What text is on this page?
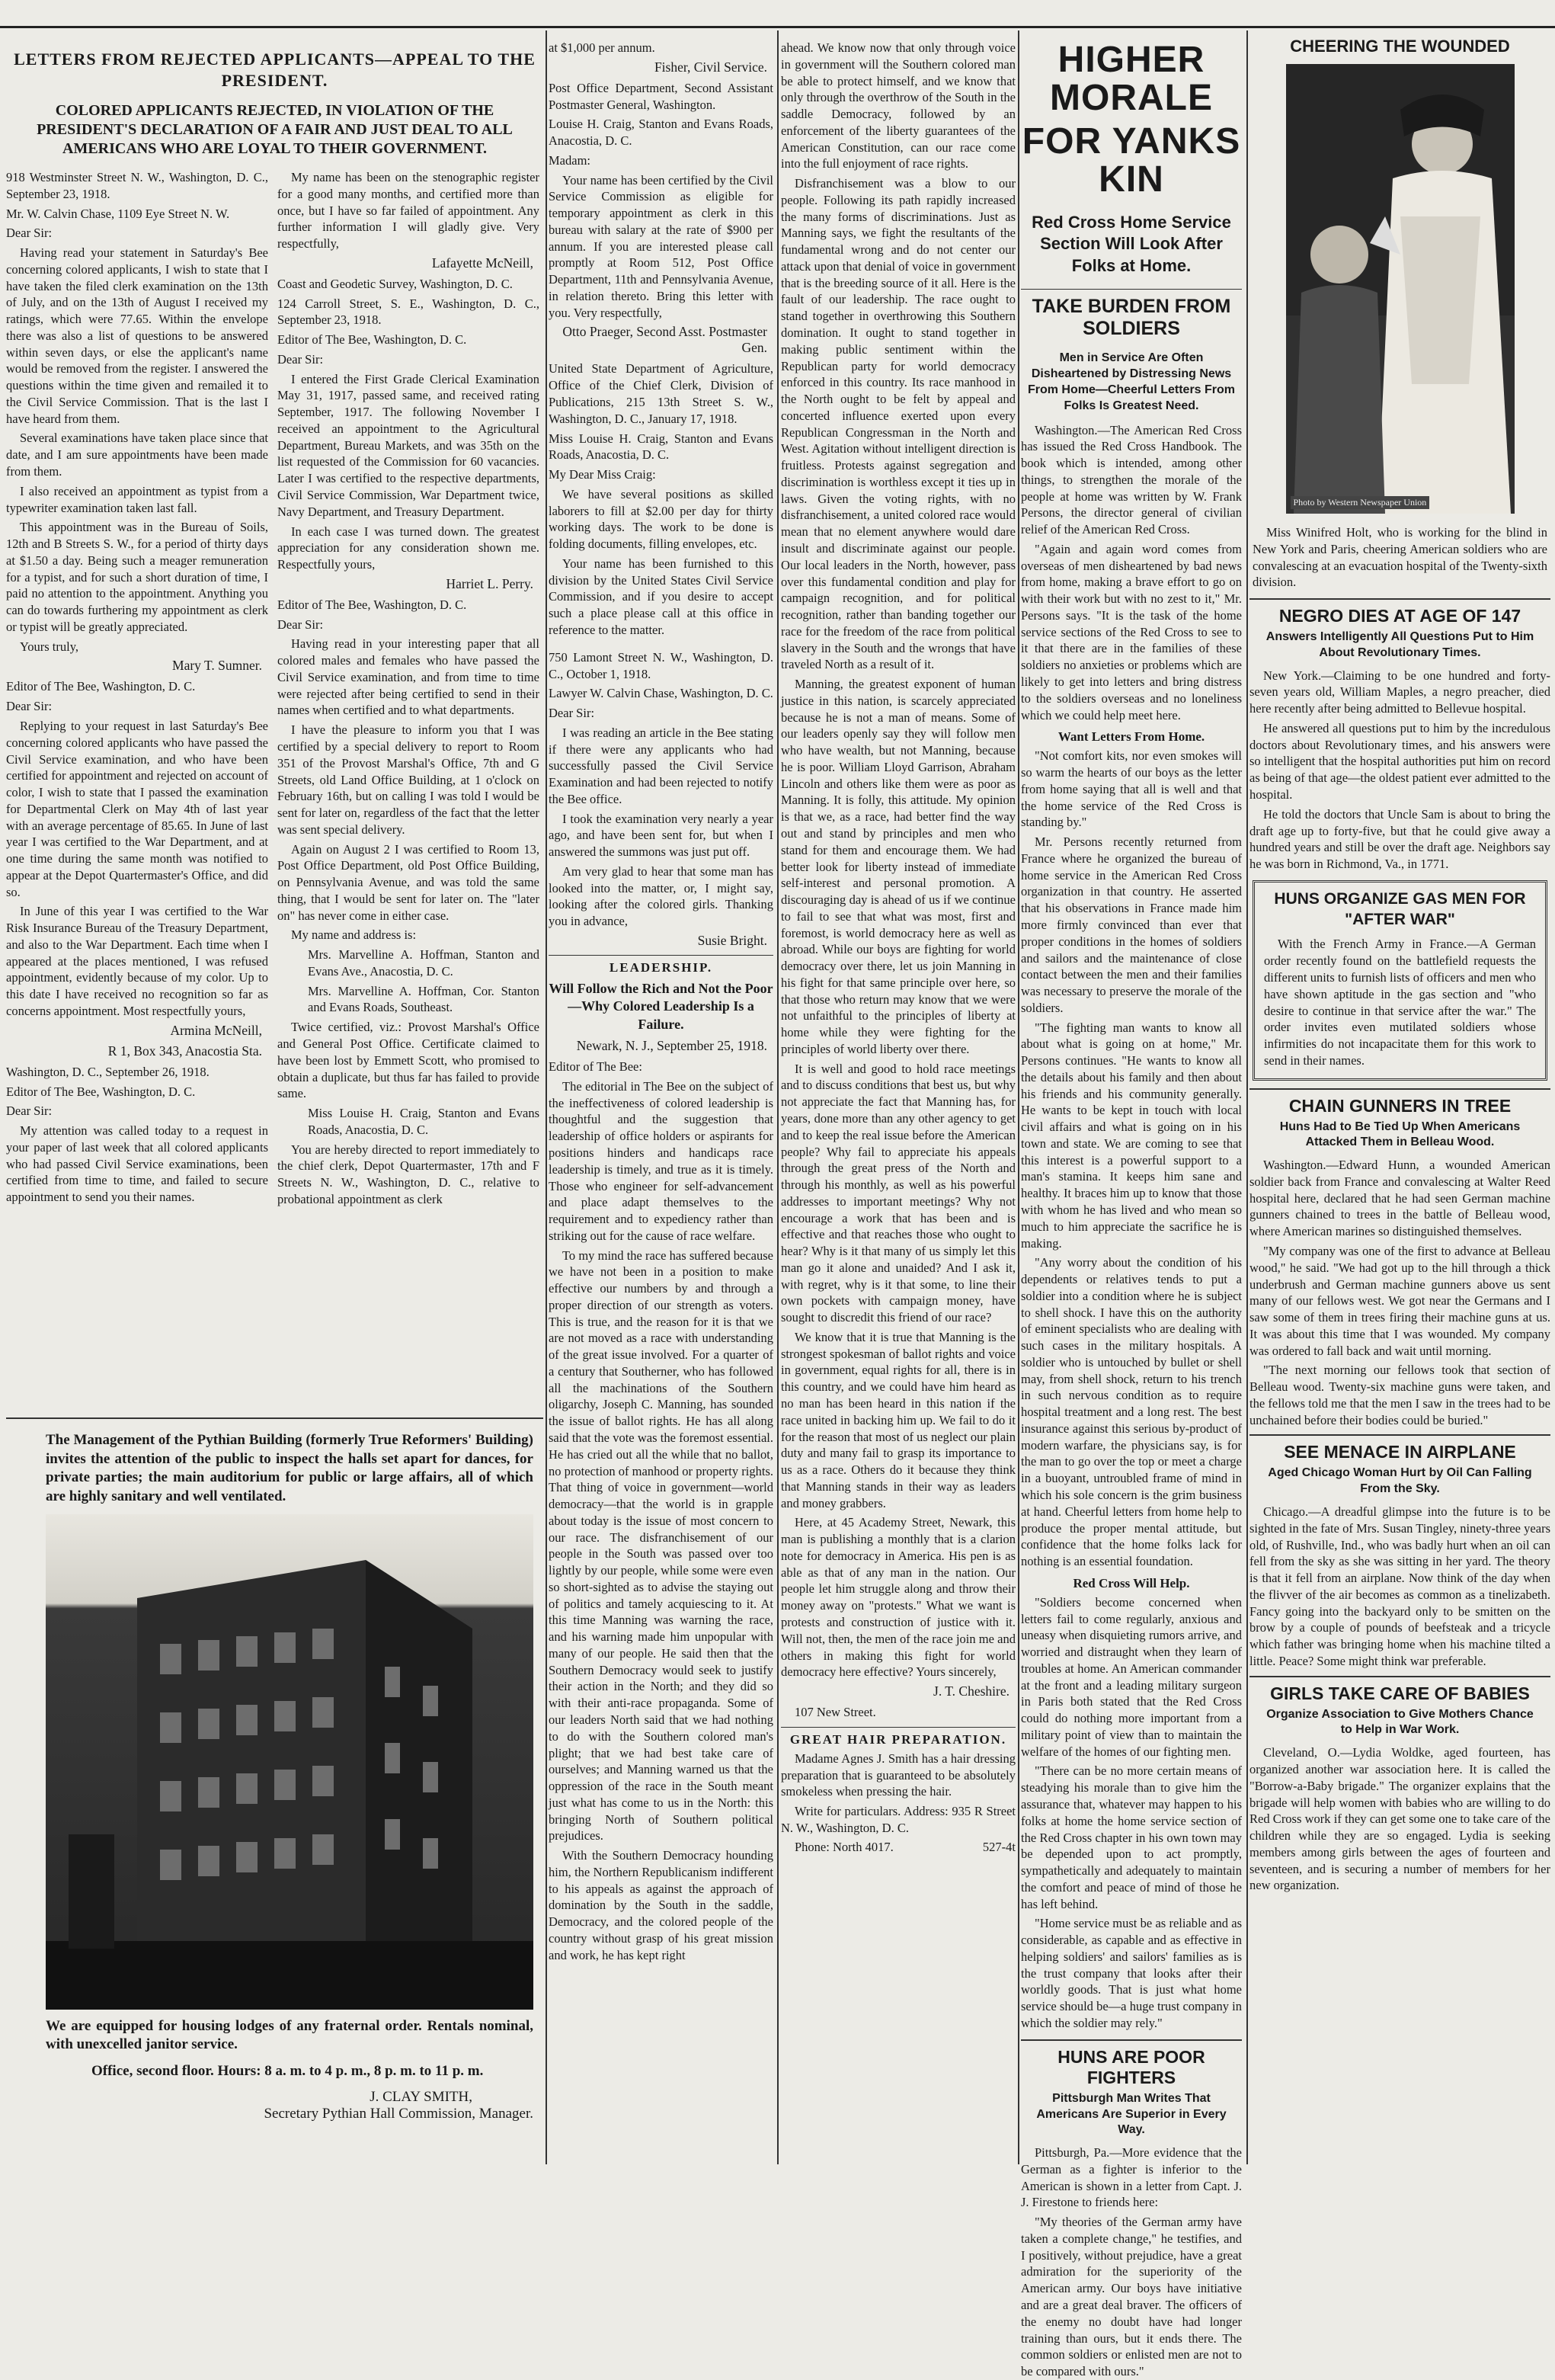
LETTERS FROM REJECTED APPLICANTS—APPEAL TO THE PRESIDENT.
COLORED APPLICANTS REJECTED, IN VIOLATION OF THE PRESIDENT'S DECLARATION OF A FAIR AND JUST DEAL TO ALL AMERICANS WHO ARE LOYAL TO THEIR GOVERNMENT.

918 Westminster Street N. W., Washington, D. C., September 23, 1918.

Mr. W. Calvin Chase, 1109 Eye Street N. W.

Dear Sir:

Having read your statement in Saturday's Bee concerning colored applicants, I wish to state that I have taken the filed clerk examination on the 13th of July, and on the 13th of August I received my ratings, which were 77.65. Within the envelope there was also a list of questions to be answered within seven days, or else the applicant's name would be removed from the register. I answered the questions within the time given and remailed it to the Civil Service Commission. That is the last I have heard from them.

Several examinations have taken place since that date, and I am sure appointments have been made from them.

I also received an appointment as typist from a typewriter examination taken last fall.

This appointment was in the Bureau of Soils, 12th and B Streets S. W., for a period of thirty days at $1.50 a day. Being such a meager remuneration for a typist, and for such a short duration of time, I paid no attention to the appointment. Anything you can do towards furthering my appointment as clerk or typist will be greatly appreciated.

Yours truly,

Mary T. Sumner.

Editor of The Bee, Washington, D. C.

Dear Sir:

Replying to your request in last Saturday's Bee concerning colored applicants who have passed the Civil Service examination, and who have been certified for appointment and rejected on account of color, I wish to state that I passed the examination for Departmental Clerk on May 4th of last year with an average percentage of 85.65. In June of last year I was certified to the War Department, and at one time during the same month was notified to appear at the Depot Quartermaster's Office, and did so.

In June of this year I was certified to the War Risk Insurance Bureau of the Treasury Department, and also to the War Department. Each time when I appeared at the places mentioned, I was refused appointment, evidently because of my color. Up to this date I have received no recognition so far as concerns appointment. Most respectfully yours,

Armina McNeill,
R 1, Box 343, Anacostia Sta.

Washington, D. C., September 26, 1918.

Editor of The Bee, Washington, D. C.

Dear Sir:

My attention was called today to a request in your paper of last week that all colored applicants who had passed Civil Service examinations, been certified from time to time, and failed to secure appointment to send you their names.

My name has been on the stenographic register for a good many months, and certified more than once, but I have so far failed of appointment. Any further information I will gladly give. Very respectfully,

Lafayette McNeill,

Coast and Geodetic Survey, Washington, D. C.

124 Carroll Street, S. E., Washington, D. C., September 23, 1918.

Editor of The Bee, Washington, D. C.

Dear Sir:

I entered the First Grade Clerical Examination May 31, 1917, passed same, and received rating September, 1917. The following November I received an appointment to the Agricultural Department, Bureau Markets, and was 35th on the list requested of the Commission for 60 vacancies. Later I was certified to the respective departments, Civil Service Commission, War Department twice, Navy Department, and Treasury Department.

In each case I was turned down. The greatest appreciation for any consideration shown me. Respectfully yours,

Harriet L. Perry.

Editor of The Bee, Washington, D. C.

Dear Sir:

Having read in your interesting paper that all colored males and females who have passed the Civil Service examination, and from time to time were rejected after being certified to send in their names when certified and to what departments.

I have the pleasure to inform you that I was certified by a special delivery to report to Room 351 of the Provost Marshal's Office, 7th and G Streets, old Land Office Building, at 1 o'clock on February 16th, but on calling I was told I would be sent for later on, regardless of the fact that the letter was sent special delivery.

Again on August 2 I was certified to Room 13, Post Office Department, old Post Office Building, on Pennsylvania Avenue, and was told the same thing, that I would be sent for later on. The "later on" has never come in either case.

My name and address is:

Mrs. Marvelline A. Hoffman, Stanton and Evans Ave., Anacostia, D. C.

Mrs. Marvelline A. Hoffman, Cor. Stanton and Evans Roads, Southeast.

Twice certified, viz.: Provost Marshal's Office and General Post Office. Certificate claimed to have been lost by Emmett Scott, who promised to obtain a duplicate, but thus far has failed to provide same.

Miss Louise H. Craig, Stanton and Evans Roads, Anacostia, D. C.

You are hereby directed to report immediately to the chief clerk, Depot Quartermaster, 17th and F Streets N. W., Washington, D. C., relative to probational appointment as clerk

The Management of the Pythian Building (formerly True Reformers' Building) invites the attention of the public to inspect the halls set apart for dances, for private parties; the main auditorium for public or large affairs, all of which are highly sanitary and well ventilated.

We are equipped for housing lodges of any fraternal order. Rentals nominal, with unexcelled janitor service.

Office, second floor. Hours: 8 a. m. to 4 p. m., 8 p. m. to 11 p. m.

J. CLAY SMITH,
Secretary Pythian Hall Commission, Manager.

at $1,000 per annum.

Fisher, Civil Service.

Post Office Department, Second Assistant Postmaster General, Washington.

Louise H. Craig, Stanton and Evans Roads, Anacostia, D. C.

Madam:

Your name has been certified by the Civil Service Commission as eligible for temporary appointment as clerk in this bureau with salary at the rate of $900 per annum. If you are interested please call promptly at Room 512, Post Office Department, 11th and Pennsylvania Avenue, in relation thereto. Bring this letter with you. Very respectfully,

Otto Praeger, Second Asst. Postmaster Gen.

United State Department of Agriculture, Office of the Chief Clerk, Division of Publications, 215 13th Street S. W., Washington, D. C., January 17, 1918.

Miss Louise H. Craig, Stanton and Evans Roads, Anacostia, D. C.

My Dear Miss Craig:

We have several positions as skilled laborers to fill at $2.00 per day for thirty working days. The work to be done is folding documents, filling envelopes, etc.

Your name has been furnished to this division by the United States Civil Service Commission, and if you desire to accept such a place please call at this office in reference to the matter.

750 Lamont Street N. W., Washington, D. C., October 1, 1918.

Lawyer W. Calvin Chase, Washington, D. C.

Dear Sir:

I was reading an article in the Bee stating if there were any applicants who had successfully passed the Civil Service Examination and had been rejected to notify the Bee office.

I took the examination very nearly a year ago, and have been sent for, but when I answered the summons was just put off.

Am very glad to hear that some man has looked into the matter, or, I might say, looking after the colored girls. Thanking you in advance,

Susie Bright.
LEADERSHIP.
Will Follow the Rich and Not the Poor—Why Colored Leadership Is a Failure.
Newark, N. J., September 25, 1918.

Editor of The Bee:

The editorial in The Bee on the subject of the ineffectiveness of colored leadership is thoughtful and the suggestion that leadership of office holders or aspirants for positions hinders and handicaps race leadership is timely, and true as it is timely. Those who engineer for self-advancement and place adapt themselves to the requirement and to expediency rather than striking out for the cause of race welfare.

To my mind the race has suffered because we have not been in a position to make effective our numbers by and through a proper direction of our strength as voters. This is true, and the reason for it is that we are not moved as a race with understanding of the great issue involved. For a quarter of a century that Southerner, who has followed all the machinations of the Southern oligarchy, Joseph C. Manning, has sounded the issue of ballot rights. He has all along said that the vote was the foremost essential. He has cried out all the while that no ballot, no protection of manhood or property rights. That thing of voice in government—world democracy—that the world is in grapple about today is the issue of most concern to our race. The disfranchisement of our people in the South was passed over too lightly by our people, while some were even so short-sighted as to advise the staying out of politics and tamely acquiescing to it. At this time Manning was warning the race, and his warning made him unpopular with many of our people. He said then that the Southern Democracy would seek to justify their action in the North; and they did so with their anti-race propaganda. Some of our leaders North said that we had nothing to do with the Southern colored man's plight; that we had best take care of ourselves; and Manning warned us that the oppression of the race in the South meant just what has come to us in the North: this bringing North of Southern political prejudices.

With the Southern Democracy hounding him, the Northern Republicanism indifferent to his appeals as against the approach of domination by the South in the saddle, Democracy, and the colored people of the country without grasp of his great mission and work, he has kept right

ahead. We know now that only through voice in government will the Southern colored man be able to protect himself, and we know that only through the overthrow of the South in the saddle Democracy, followed by an enforcement of the liberty guarantees of the American Constitution, can our race come into the full enjoyment of race rights.

Disfranchisement was a blow to our people. Following its path rapidly increased the many forms of discriminations. Just as Manning says, we fight the resultants of the fundamental wrong and do not center our attack upon that denial of voice in government that is the breeding source of it all. Here is the fault of our leadership. The race ought to stand together in overthrowing this Southern domination. It ought to stand together in making public sentiment within the Republican party for world democracy enforced in this country. Its race manhood in the North ought to be felt by appeal and concerted influence exerted upon every Republican Congressman in the North and West. Agitation without intelligent direction is fruitless. Protests against segregation and discrimination is worthless except it ties up in laws. Given the voting rights, with no disfranchisement, a united colored race would mean that no element anywhere would dare insult and discriminate against our people. Our local leaders in the North, however, pass over this fundamental condition and play for campaign recognition, and for political recognition, rather than banding together our race for the freedom of the race from political slavery in the South and the wrongs that have traveled North as a result of it.

Manning, the greatest exponent of human justice in this nation, is scarcely appreciated because he is not a man of means. Some of our leaders openly say they will follow men who have wealth, but not Manning, because he is poor. William Lloyd Garrison, Abraham Lincoln and others like them were as poor as Manning. It is folly, this attitude. My opinion is that we, as a race, had better find the way out and stand by principles and men who stand for them and encourage them. We had better look for liberty instead of immediate self-interest and personal promotion. A discouraging day is ahead of us if we continue to fail to see that what was most, first and foremost, is world democracy here as well as abroad. While our boys are fighting for world democracy over there, let us join Manning in his fight for that same principle over here, so that those who return may know that we were not unfaithful to the principles of liberty at home while they were fighting for the principles of world liberty over there.

It is well and good to hold race meetings and to discuss conditions that best us, but why not appreciate the fact that Manning has, for years, done more than any other agency to get and to keep the real issue before the American people? Why fail to appreciate his appeals through the great press of the North and through his monthly, as well as his powerful addresses to important meetings? Why not encourage a work that has been and is effective and that reaches those who ought to hear? Why is it that many of us simply let this man go it alone and unaided? And I ask it, with regret, why is it that some, to line their own pockets with campaign money, have sought to discredit this friend of our race?

We know that it is true that Manning is the strongest spokesman of ballot rights and voice in government, equal rights for all, there is in this country, and we could have him heard as no man has been heard in this nation if the race united in backing him up. We fail to do it for the reason that most of us neglect our plain duty and many fail to grasp its importance to us as a race. Others do it because they think that Manning stands in their way as leaders and money grabbers.

Here, at 45 Academy Street, Newark, this man is publishing a monthly that is a clarion note for democracy in America. His pen is as able as that of any man in the nation. Our people let him struggle along and throw their money away on "protests." What we want is protests and construction of justice with it. Will not, then, the men of the race join me and others in making this fight for world democracy here effective? Yours sincerely,

J. T. Cheshire.

107 New Street.

GREAT HAIR PREPARATION.

Madame Agnes J. Smith has a hair dressing preparation that is guaranteed to be absolutely smokeless when pressing the hair.

Write for particulars. Address: 935 R Street N. W., Washington, D. C.

Phone: North 4017.	527-4t
HIGHER MORALE
FOR YANKS KIN
Red Cross Home Service Section Will Look After Folks at Home.
TAKE BURDEN FROM SOLDIERS
Men in Service Are Often Disheartened by Distressing News From Home—Cheerful Letters From Folks Is Greatest Need.

Washington.—The American Red Cross has issued the Red Cross Handbook. The book which is intended, among other things, to strengthen the morale of the people at home was written by W. Frank Persons, the director general of civilian relief of the American Red Cross.

"Again and again word comes from overseas of men disheartened by bad news from home, making a brave effort to go on with their work but with no zest to it," Mr. Persons says. "It is the task of the home service sections of the Red Cross to see to it that there are in the families of these soldiers no anxieties or problems which are likely to get into letters and bring distress to the soldiers overseas and no loneliness which we could help meet here.

Want Letters From Home.

"Not comfort kits, nor even smokes will so warm the hearts of our boys as the letter from home saying that all is well and that the home service of the Red Cross is standing by."

Mr. Persons recently returned from France where he organized the bureau of home service in the American Red Cross organization in that country. He asserted that his observations in France made him more firmly convinced than ever that proper conditions in the homes of soldiers and sailors and the maintenance of close contact between the men and their families was necessary to preserve the morale of the soldiers.

"The fighting man wants to know all about what is going on at home," Mr. Persons continues. "He wants to know all the details about his family and then about his friends and his community generally. He wants to be kept in touch with local civil affairs and what is going on in his town and state. We are coming to see that this interest is a powerful support to a man's stamina. It keeps him sane and healthy. It braces him up to know that those with whom he has lived and who mean so much to him appreciate the sacrifice he is making.

"Any worry about the condition of his dependents or relatives tends to put a soldier into a condition where he is subject to shell shock. I have this on the authority of eminent specialists who are dealing with such cases in the military hospitals. A soldier who is untouched by bullet or shell may, from shell shock, return to his trench in such nervous condition as to require hospital treatment and a long rest. The best insurance against this serious by-product of modern warfare, the physicians say, is for the man to go over the top or meet a charge in a buoyant, untroubled frame of mind in which his sole concern is the grim business at hand. Cheerful letters from home help to produce the proper mental attitude, but confidence that the home folks lack for nothing is an essential foundation.

Red Cross Will Help.

"Soldiers become concerned when letters fail to come regularly, anxious and uneasy when disquieting rumors arrive, and worried and distraught when they learn of troubles at home. An American commander at the front and a leading military surgeon in Paris both stated that the Red Cross could do nothing more important from a military point of view than to maintain the welfare of the homes of our fighting men.

"There can be no more certain means of steadying his morale than to give him the assurance that, whatever may happen to his folks at home the home service section of the Red Cross chapter in his own town may be depended upon to act promptly, sympathetically and adequately to maintain the comfort and peace of mind of those he has left behind.

"Home service must be as reliable and as considerable, as capable and as effective in helping soldiers' and sailors' families as is the trust company that looks after their worldly goods. That is just what home service should be—a huge trust company in which the soldier may rely."

HUNS ARE POOR FIGHTERS
Pittsburgh Man Writes That Americans Are Superior in Every Way.

Pittsburgh, Pa.—More evidence that the German as a fighter is inferior to the American is shown in a letter from Capt. J. J. Firestone to friends here:

"My theories of the German army have taken a complete change," he testifies, and I positively, without prejudice, have a great admiration for the superiority of the American army. Our boys have initiative and are a great deal braver. The officers of the enemy no doubt have had longer training than ours, but it ends there. The common soldiers or enlisted men are not to be compared with ours."

CHEERING THE WOUNDED
Photo by Western Newspaper Union

Miss Winifred Holt, who is working for the blind in New York and Paris, cheering American soldiers who are convalescing at an evacuation hospital of the Twenty-sixth division.

NEGRO DIES AT AGE OF 147
Answers Intelligently All Questions Put to Him About Revolutionary Times.

New York.—Claiming to be one hundred and forty-seven years old, William Maples, a negro preacher, died here recently after being admitted to Bellevue hospital.

He answered all questions put to him by the incredulous doctors about Revolutionary times, and his answers were so intelligent that the hospital authorities put him on record as being of that age—the oldest patient ever admitted to the hospital.

He told the doctors that Uncle Sam is about to bring the draft age up to forty-five, but that he could give away a hundred years and still be over the draft age. Neighbors say he was born in Richmond, Va., in 1771.

HUNS ORGANIZE GAS MEN FOR "AFTER WAR"

With the French Army in France.—A German order recently found on the battlefield requests the different units to furnish lists of officers and men who have shown aptitude in the gas section and "who desire to continue in that service after the war." The order invites even mutilated soldiers whose infirmities do not incapacitate them for this work to send in their names.

CHAIN GUNNERS IN TREE
Huns Had to Be Tied Up When Americans Attacked Them in Belleau Wood.

Washington.—Edward Hunn, a wounded American soldier back from France and convalescing at Walter Reed hospital here, declared that he had seen German machine gunners chained to trees in the battle of Belleau wood, where American marines so distinguished themselves.

"My company was one of the first to advance at Belleau wood," he said. "We had got up to the hill through a thick underbrush and German machine gunners above us sent many of our fellows west. We got near the Germans and I saw some of them in trees firing their machine guns at us. It was about this time that I was wounded. My company was ordered to fall back and wait until morning.

"The next morning our fellows took that section of Belleau wood. Twenty-six machine guns were taken, and the fellows told me that the men I saw in the trees had to be unchained before their bodies could be buried."

SEE MENACE IN AIRPLANE
Aged Chicago Woman Hurt by Oil Can Falling From the Sky.

Chicago.—A dreadful glimpse into the future is to be sighted in the fate of Mrs. Susan Tingley, ninety-three years old, of Rushville, Ind., who was badly hurt when an oil can fell from the sky as she was sitting in her yard. The theory is that it fell from an airplane. Now think of the day when the flivver of the air becomes as common as a tinelizabeth. Fancy going into the backyard only to be smitten on the brow by a couple of pounds of beefsteak and a tricycle which father was bringing home when his machine tilted a little. Peace? Some might think war preferable.

GIRLS TAKE CARE OF BABIES
Organize Association to Give Mothers Chance to Help in War Work.

Cleveland, O.—Lydia Woldke, aged fourteen, has organized another war association here. It is called the "Borrow-a-Baby brigade." The organizer explains that the brigade will help women with babies who are willing to do Red Cross work if they can get some one to take care of the children while they are so engaged. Lydia is seeking members among girls between the ages of fourteen and seventeen, and is securing a number of members for her new organization.
